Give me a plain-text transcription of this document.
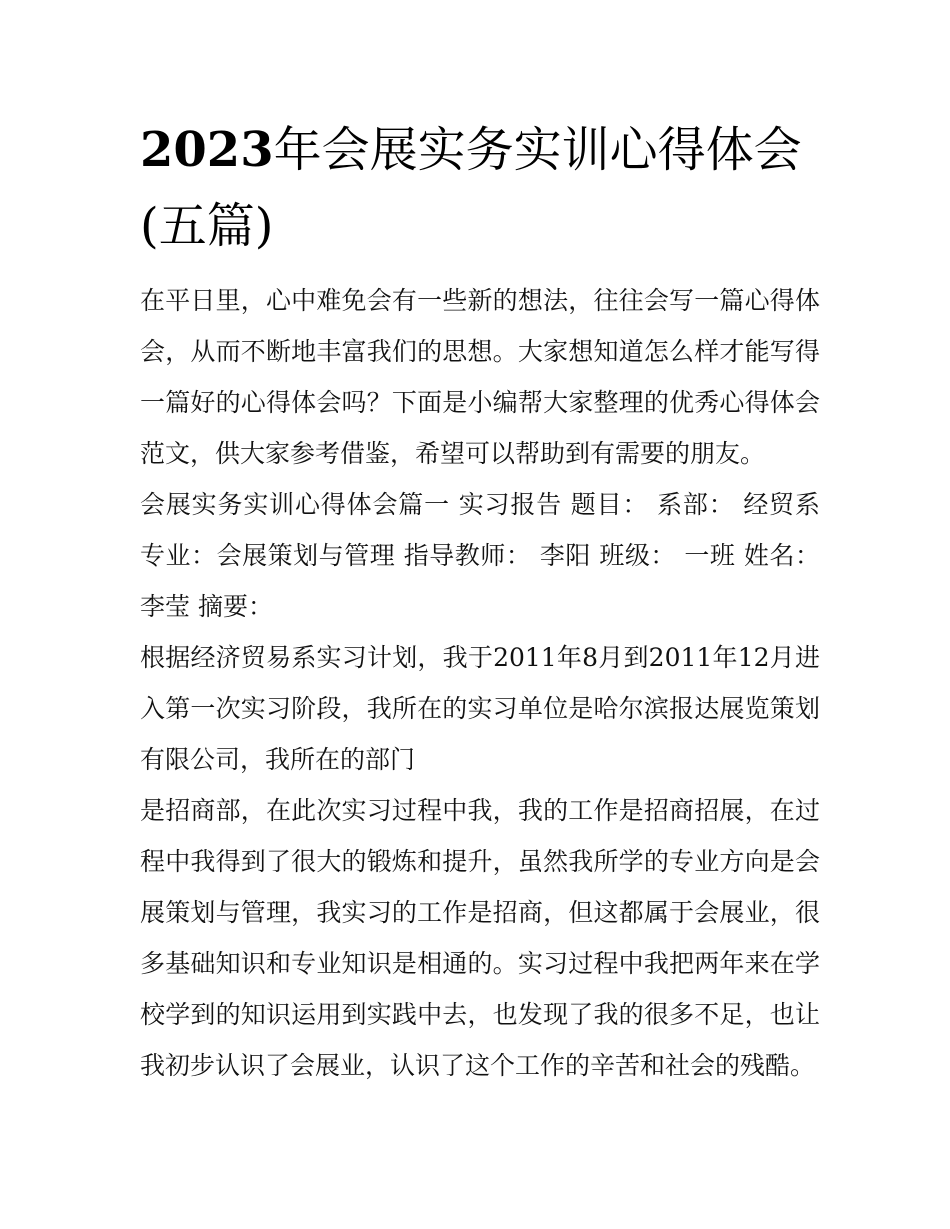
2023年会展实务实训心得体会(五篇)

在平日里，心中难免会有一些新的想法，往往会写一篇心得体会，从而不断地丰富我们的思想。大家想知道怎么样才能写得一篇好的心得体会吗？下面是小编帮大家整理的优秀心得体会范文，供大家参考借鉴，希望可以帮助到有需要的朋友。

会展实务实训心得体会篇一 实习报告 题目： 系部： 经贸系 专业：会展策划与管理 指导教师： 李阳 班级： 一班 姓名： 李莹 摘要：

根据经济贸易系实习计划，我于2011年8月到2011年12月进入第一次实习阶段，我所在的实习单位是哈尔滨报达展览策划有限公司，我所在的部门

是招商部，在此次实习过程中我，我的工作是招商招展，在过程中我得到了很大的锻炼和提升，虽然我所学的专业方向是会展策划与管理，我实习的工作是招商，但这都属于会展业，很多基础知识和专业知识是相通的。实习过程中我把两年来在学校学到的知识运用到实践中去，也发现了我的很多不足，也让我初步认识了会展业，认识了这个工作的辛苦和社会的残酷。
